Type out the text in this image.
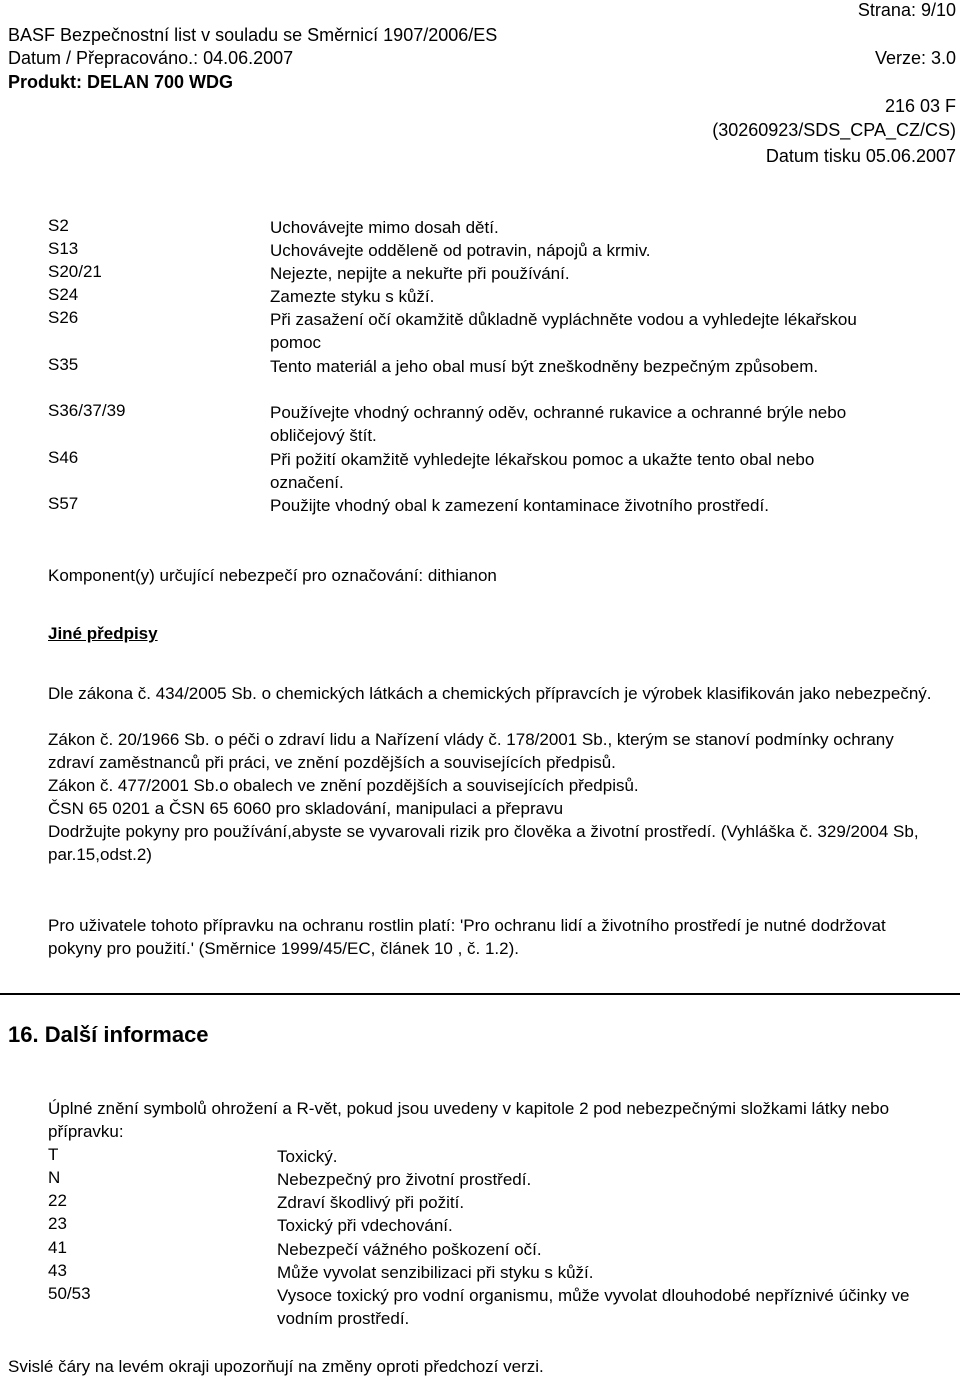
Strana: 9/10
BASF Bezpečnostní list v souladu se Směrnicí 1907/2006/ES
Datum / Přepracováno.: 04.06.2007	Verze: 3.0
Produkt: DELAN 700 WDG
216 03 F
(30260923/SDS_CPA_CZ/CS)
Datum tisku 05.06.2007
S2	Uchovávejte mimo dosah dětí.
S13	Uchovávejte odděleně od potravin, nápojů a krmiv.
S20/21	Nejezte, nepijte a nekuřte při používání.
S24	Zamezte styku s kůží.
S26	Při zasažení očí okamžitě důkladně vypláchněte vodou a vyhledejte lékařskou pomoc
S35	Tento materiál a jeho obal musí být zneškodněny bezpečným způsobem.
S36/37/39	Používejte vhodný ochranný oděv, ochranné rukavice a ochranné brýle nebo obličejový štít.
S46	Při požití okamžitě vyhledejte lékařskou pomoc a ukažte tento obal nebo označení.
S57	Použijte vhodný obal k zamezení kontaminace životního prostředí.
Komponent(y) určující nebezpečí pro označování: dithianon
Jiné předpisy
Dle zákona č. 434/2005 Sb. o chemických látkách a chemických přípravcích je výrobek klasifikován jako nebezpečný.
Zákon č. 20/1966 Sb. o péči o zdraví lidu a Nařízení vlády č. 178/2001 Sb., kterým se stanoví podmínky ochrany zdraví zaměstnanců při práci, ve znění pozdějších a souvisejících předpisů.
Zákon č. 477/2001 Sb.o obalech ve znění pozdějších a souvisejících předpisů.
ČSN 65 0201 a ČSN 65 6060 pro skladování, manipulaci a přepravu
Dodržujte pokyny pro používání,abyste se vyvarovali rizik pro člověka a životní prostředí. (Vyhláška č. 329/2004 Sb, par.15,odst.2)
Pro uživatele tohoto přípravku na ochranu rostlin platí: 'Pro ochranu lidí a životního prostředí je nutné dodržovat pokyny pro použití.' (Směrnice 1999/45/EC, článek 10 , č. 1.2).
16. Další informace
Úplné znění symbolů ohrožení a R-vět, pokud jsou uvedeny v kapitole 2 pod nebezpečnými složkami látky nebo přípravku:
T	Toxický.
N	Nebezpečný pro životní prostředí.
22	Zdraví škodlivý při požití.
23	Toxický při vdechování.
41	Nebezpečí vážného poškození očí.
43	Může vyvolat senzibilizaci při styku s kůží.
50/53	Vysoce toxický pro vodní organismu, může vyvolat dlouhodobé nepříznivé účinky ve vodním prostředí.
Svislé čáry na levém okraji upozorňují na změny oproti předchozí verzi.
